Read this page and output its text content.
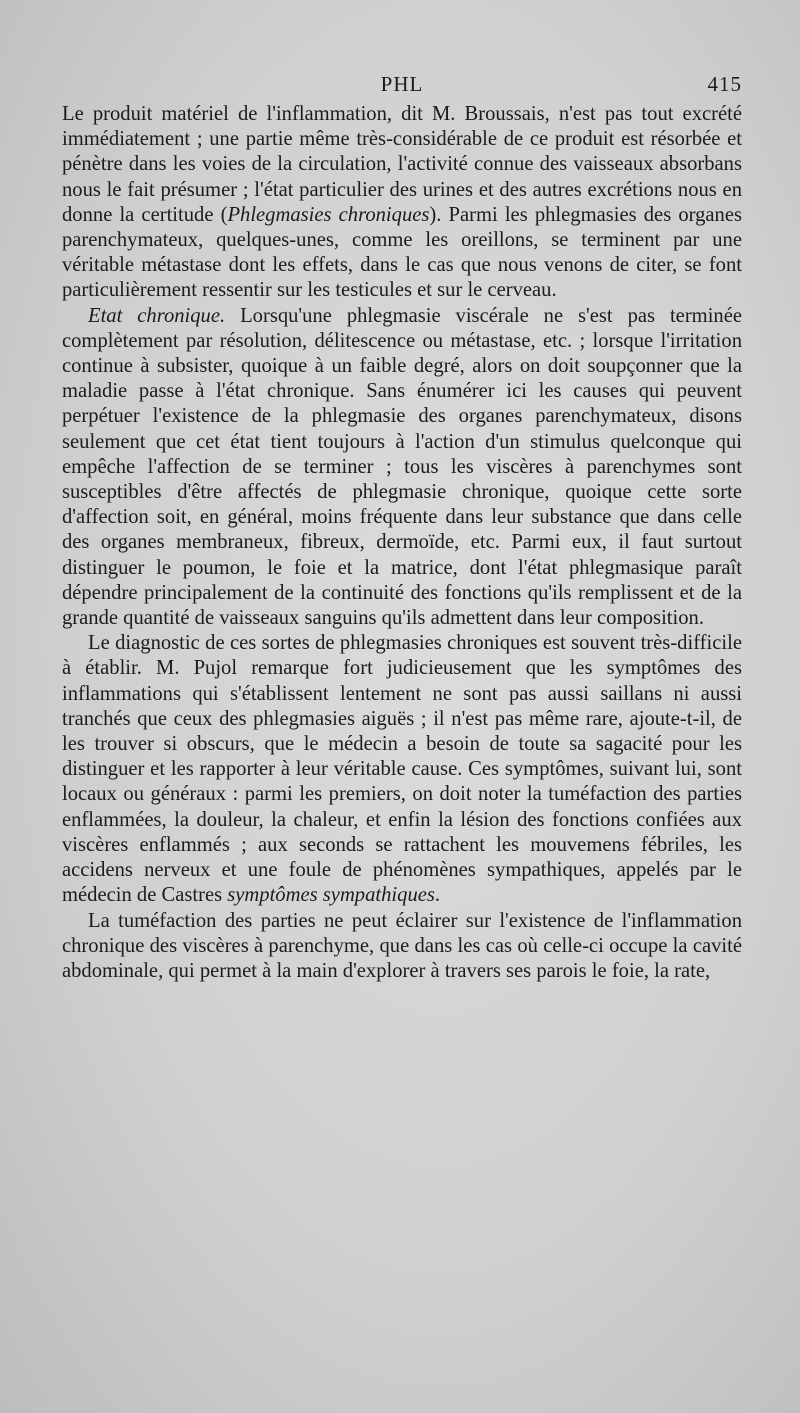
PHL	415

Le produit matériel de l'inflammation, dit M. Broussais, n'est pas tout excrété immédiatement ; une partie même très-considérable de ce produit est résorbée et pénètre dans les voies de la circulation, l'activité connue des vaisseaux absorbans nous le fait présumer ; l'état particulier des urines et des autres excrétions nous en donne la certitude (Phlegmasies chroniques). Parmi les phlegmasies des organes parenchymateux, quelques-unes, comme les oreillons, se terminent par une véritable métastase dont les effets, dans le cas que nous venons de citer, se font particulièrement ressentir sur les testicules et sur le cerveau.

Etat chronique. Lorsqu'une phlegmasie viscérale ne s'est pas terminée complètement par résolution, délitescence ou métastase, etc. ; lorsque l'irritation continue à subsister, quoique à un faible degré, alors on doit soupçonner que la maladie passe à l'état chronique. Sans énumérer ici les causes qui peuvent perpétuer l'existence de la phlegmasie des organes parenchymateux, disons seulement que cet état tient toujours à l'action d'un stimulus quelconque qui empêche l'affection de se terminer ; tous les viscères à parenchymes sont susceptibles d'être affectés de phlegmasie chronique, quoique cette sorte d'affection soit, en général, moins fréquente dans leur substance que dans celle des organes membraneux, fibreux, dermoïde, etc. Parmi eux, il faut surtout distinguer le poumon, le foie et la matrice, dont l'état phlegmasique paraît dépendre principalement de la continuité des fonctions qu'ils remplissent et de la grande quantité de vaisseaux sanguins qu'ils admettent dans leur composition.

Le diagnostic de ces sortes de phlegmasies chroniques est souvent très-difficile à établir. M. Pujol remarque fort judicieusement que les symptômes des inflammations qui s'établissent lentement ne sont pas aussi saillans ni aussi tranchés que ceux des phlegmasies aiguës ; il n'est pas même rare, ajoute-t-il, de les trouver si obscurs, que le médecin a besoin de toute sa sagacité pour les distinguer et les rapporter à leur véritable cause. Ces symptômes, suivant lui, sont locaux ou généraux : parmi les premiers, on doit noter la tuméfaction des parties enflammées, la douleur, la chaleur, et enfin la lésion des fonctions confiées aux viscères enflammés ; aux seconds se rattachent les mouvemens fébriles, les accidens nerveux et une foule de phénomènes sympathiques, appelés par le médecin de Castres symptômes sympathiques.

La tuméfaction des parties ne peut éclairer sur l'existence de l'inflammation chronique des viscères à parenchyme, que dans les cas où celle-ci occupe la cavité abdominale, qui permet à la main d'explorer à travers ses parois le foie, la rate,
